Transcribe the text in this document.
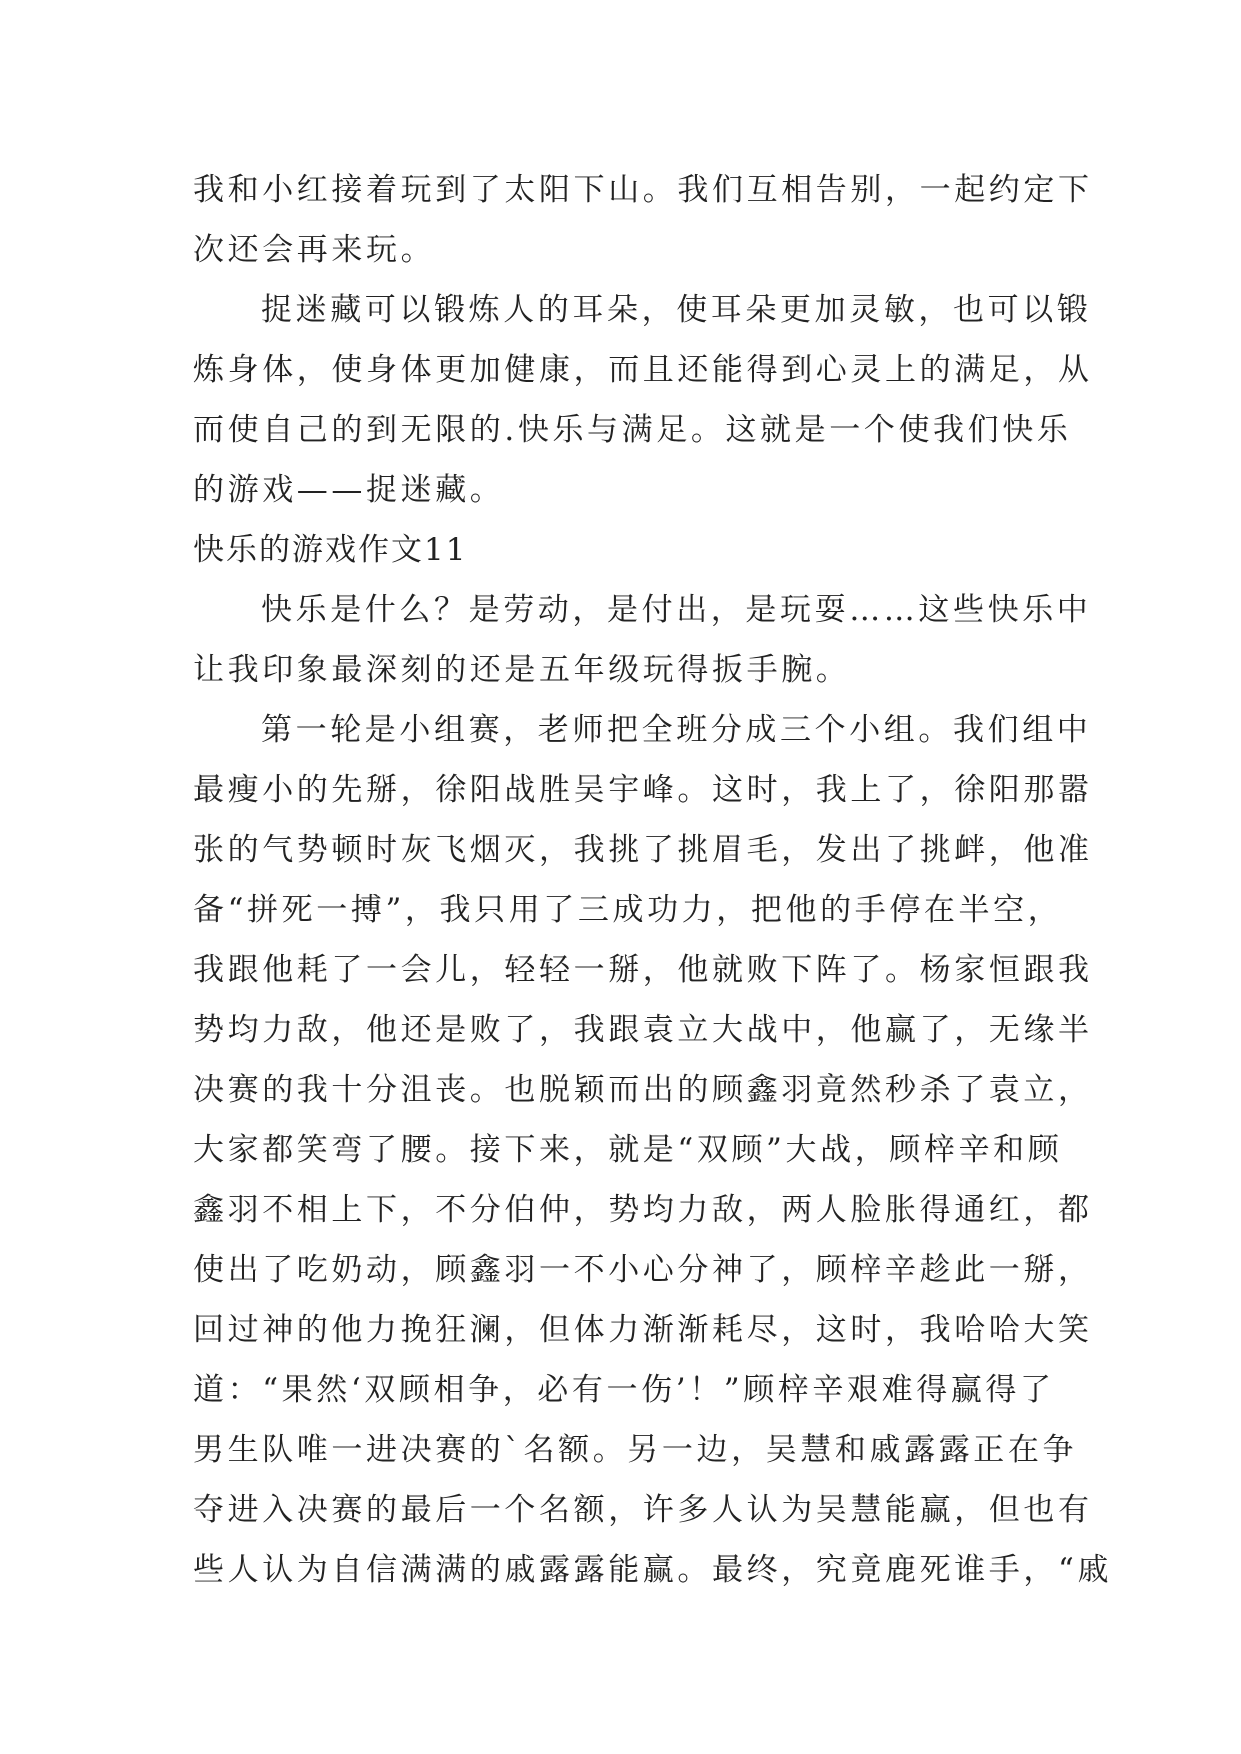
我和小红接着玩到了太阳下山。我们互相告别，一起约定下
次还会再来玩。
捉迷藏可以锻炼人的耳朵，使耳朵更加灵敏，也可以锻
炼身体，使身体更加健康，而且还能得到心灵上的满足，从
而使自己的到无限的.快乐与满足。这就是一个使我们快乐
的游戏——捉迷藏。
快乐的游戏作文11
快乐是什么？是劳动，是付出，是玩耍……这些快乐中
让我印象最深刻的还是五年级玩得扳手腕。
第一轮是小组赛，老师把全班分成三个小组。我们组中
最瘦小的先掰，徐阳战胜吴宇峰。这时，我上了，徐阳那嚣
张的气势顿时灰飞烟灭，我挑了挑眉毛，发出了挑衅，他准
备“拼死一搏”，我只用了三成功力，把他的手停在半空，
我跟他耗了一会儿，轻轻一掰，他就败下阵了。杨家恒跟我
势均力敌，他还是败了，我跟袁立大战中，他赢了，无缘半
决赛的我十分沮丧。也脱颖而出的顾鑫羽竟然秒杀了袁立，
大家都笑弯了腰。接下来，就是“双顾”大战，顾梓辛和顾
鑫羽不相上下，不分伯仲，势均力敌，两人脸胀得通红，都
使出了吃奶动，顾鑫羽一不小心分神了，顾梓辛趁此一掰，
回过神的他力挽狂澜，但体力渐渐耗尽，这时，我哈哈大笑
道：“果然‘双顾相争，必有一伤’！”顾梓辛艰难得赢得了
男生队唯一进决赛的`名额。另一边，吴慧和戚露露正在争
夺进入决赛的最后一个名额，许多人认为吴慧能赢，但也有
些人认为自信满满的戚露露能赢。最终，究竟鹿死谁手，“戚
